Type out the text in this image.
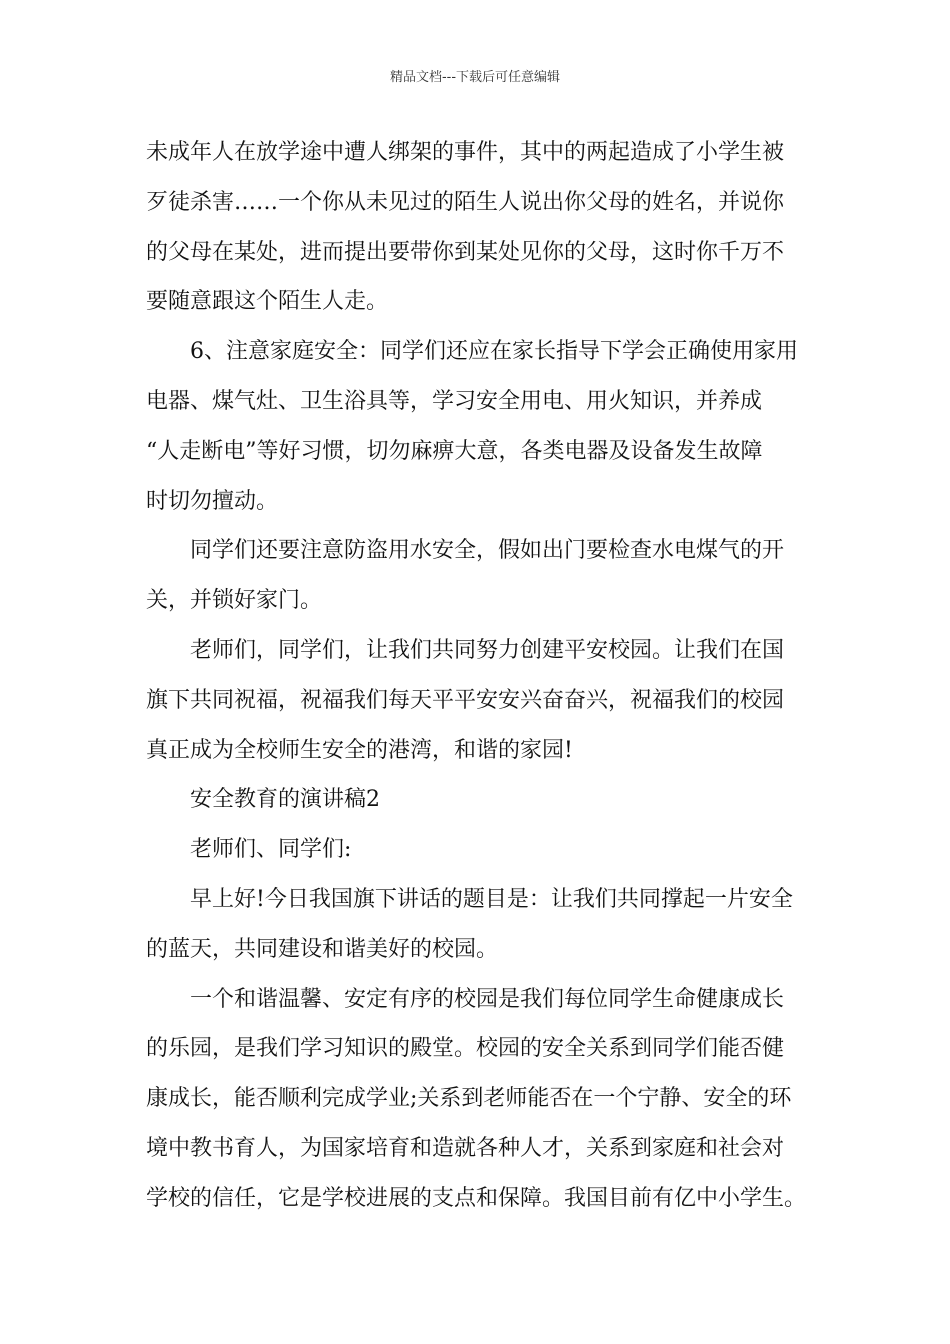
精品文档---下载后可任意编辑
未成年人在放学途中遭人绑架的事件，其中的两起造成了小学生被
歹徒杀害……一个你从未见过的陌生人说出你父母的姓名，并说你
的父母在某处，进而提出要带你到某处见你的父母，这时你千万不
要随意跟这个陌生人走。
6、注意家庭安全：同学们还应在家长指导下学会正确使用家用
电器、煤气灶、卫生浴具等，学习安全用电、用火知识，并养成
“人走断电”等好习惯，切勿麻痹大意，各类电器及设备发生故障
时切勿擅动。
同学们还要注意防盗用水安全，假如出门要检查水电煤气的开
关，并锁好家门。
老师们，同学们，让我们共同努力创建平安校园。让我们在国
旗下共同祝福，祝福我们每天平平安安兴奋奋兴，祝福我们的校园
真正成为全校师生安全的港湾，和谐的家园!
安全教育的演讲稿2
老师们、同学们:
早上好!今日我国旗下讲话的题目是：让我们共同撑起一片安全
的蓝天，共同建设和谐美好的校园。
一个和谐温馨、安定有序的校园是我们每位同学生命健康成长
的乐园，是我们学习知识的殿堂。校园的安全关系到同学们能否健
康成长，能否顺利完成学业;关系到老师能否在一个宁静、安全的环
境中教书育人，为国家培育和造就各种人才，关系到家庭和社会对
学校的信任，它是学校进展的支点和保障。我国目前有亿中小学生。
